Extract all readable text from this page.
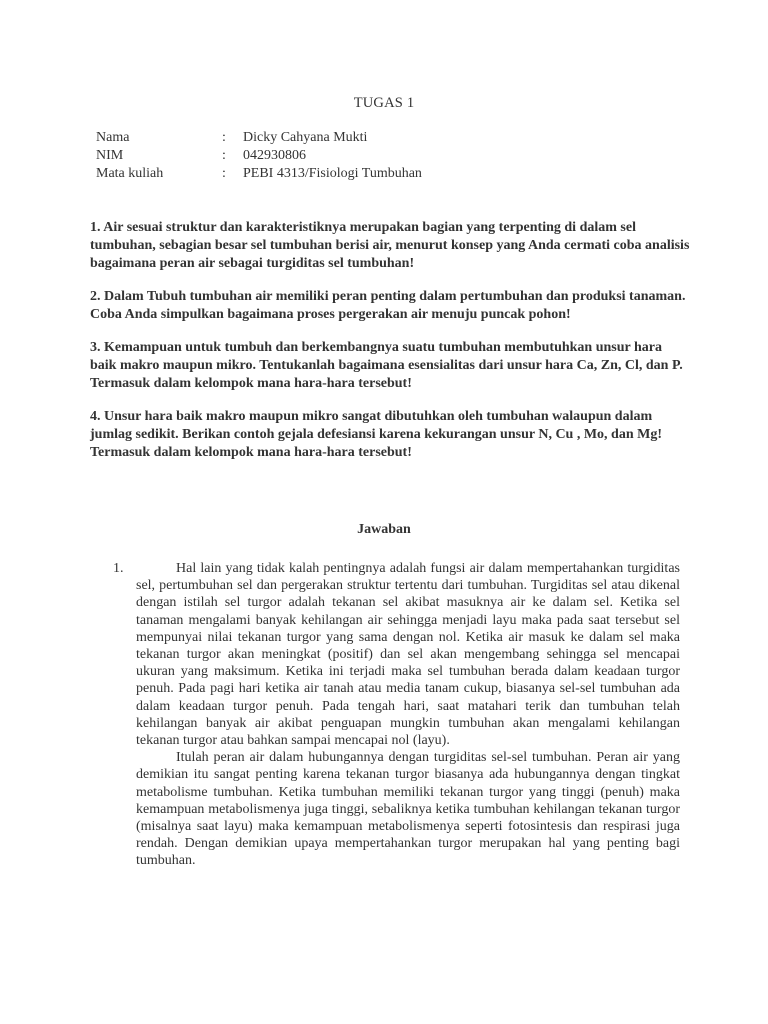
TUGAS 1
Nama	:	Dicky Cahyana Mukti
NIM	:	042930806
Mata kuliah	:	PEBI 4313/Fisiologi Tumbuhan

1. Air sesuai struktur dan karakteristiknya merupakan bagian yang terpenting di dalam sel tumbuhan, sebagian besar sel tumbuhan berisi air, menurut konsep yang Anda cermati coba analisis bagaimana peran air sebagai turgiditas sel tumbuhan!

2. Dalam Tubuh tumbuhan air memiliki peran penting dalam pertumbuhan dan produksi tanaman. Coba Anda simpulkan bagaimana proses pergerakan air menuju puncak pohon!

3. Kemampuan untuk tumbuh dan berkembangnya suatu tumbuhan membutuhkan unsur hara baik makro maupun mikro. Tentukanlah bagaimana esensialitas dari unsur hara Ca, Zn, Cl, dan P. Termasuk dalam kelompok mana hara-hara tersebut!

4. Unsur hara baik makro maupun mikro sangat dibutuhkan oleh tumbuhan walaupun dalam jumlag sedikit. Berikan contoh gejala defesiansi karena kekurangan unsur N, Cu , Mo, dan Mg! Termasuk dalam kelompok mana hara-hara tersebut!

Jawaban
1.	Hal lain yang tidak kalah pentingnya adalah fungsi air dalam mempertahankan turgiditas sel, pertumbuhan sel dan pergerakan struktur tertentu dari tumbuhan. Turgiditas sel atau dikenal dengan istilah sel turgor adalah tekanan sel akibat masuknya air ke dalam sel. Ketika sel tanaman mengalami banyak kehilangan air sehingga menjadi layu maka pada saat tersebut sel mempunyai nilai tekanan turgor yang sama dengan nol. Ketika air masuk ke dalam sel maka tekanan turgor akan meningkat (positif) dan sel akan mengembang sehingga sel mencapai ukuran yang maksimum. Ketika ini terjadi maka sel tumbuhan berada dalam keadaan turgor penuh. Pada pagi hari ketika air tanah atau media tanam cukup, biasanya sel-sel tumbuhan ada dalam keadaan turgor penuh. Pada tengah hari, saat matahari terik dan tumbuhan telah kehilangan banyak air akibat penguapan mungkin tumbuhan akan mengalami kehilangan tekanan turgor atau bahkan sampai mencapai nol (layu).

Itulah peran air dalam hubungannya dengan turgiditas sel-sel tumbuhan. Peran air yang demikian itu sangat penting karena tekanan turgor biasanya ada hubungannya dengan tingkat metabolisme tumbuhan. Ketika tumbuhan memiliki tekanan turgor yang tinggi (penuh) maka kemampuan metabolismenya juga tinggi, sebaliknya ketika tumbuhan kehilangan tekanan turgor (misalnya saat layu) maka kemampuan metabolismenya seperti fotosintesis dan respirasi juga rendah. Dengan demikian upaya mempertahankan turgor merupakan hal yang penting bagi tumbuhan.
